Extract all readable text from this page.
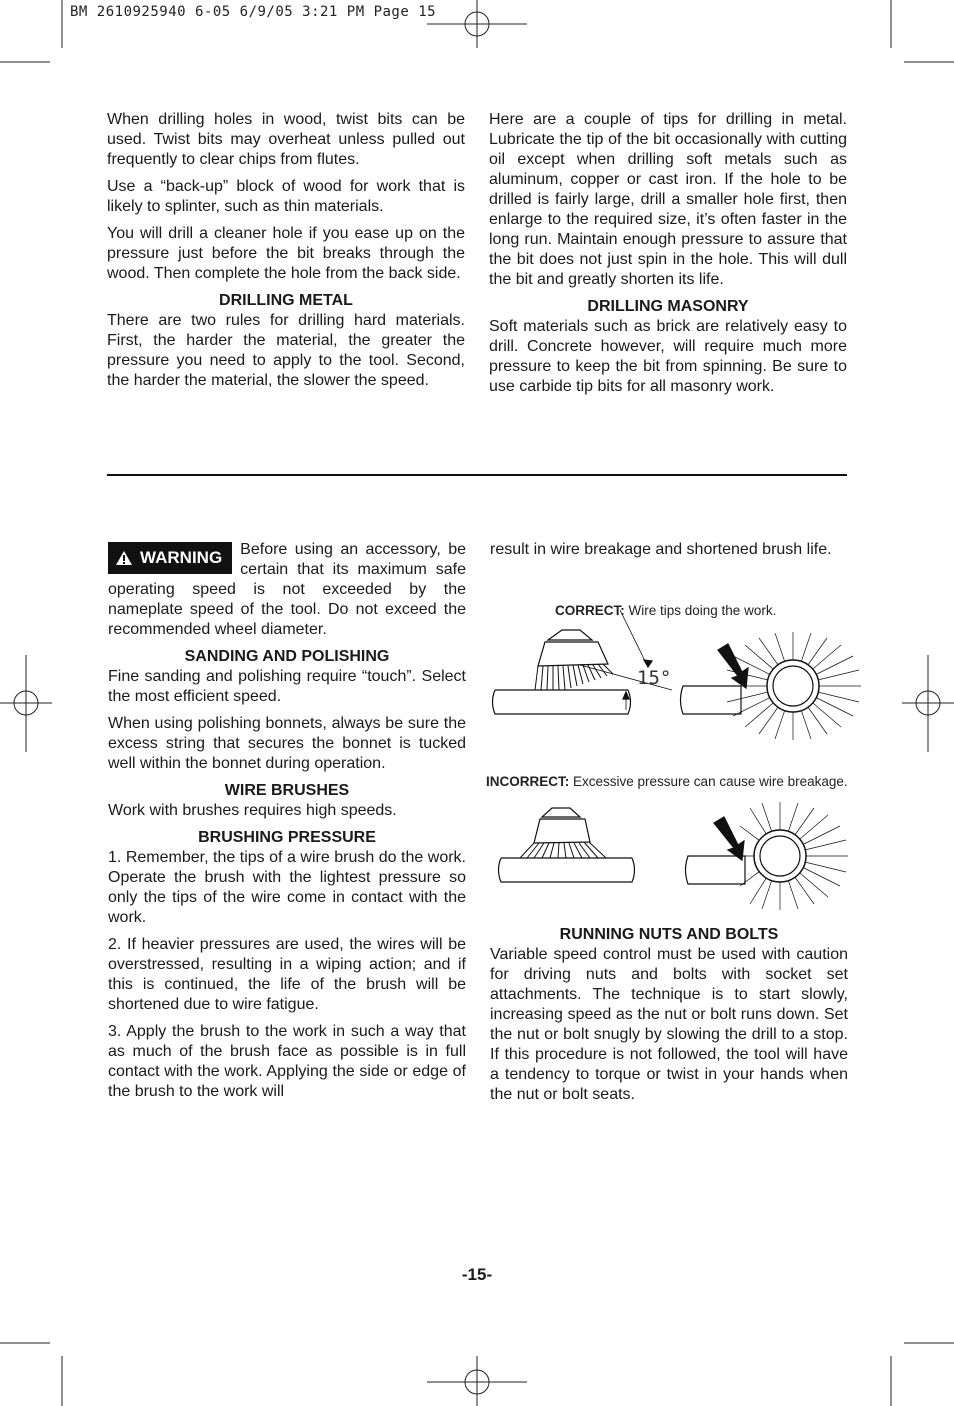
BM 2610925940 6-05 6/9/05 3:21 PM Page 15

When drilling holes in wood, twist bits can be used. Twist bits may overheat unless pulled out frequently to clear chips from flutes.

Use a “back-up” block of wood for work that is likely to splinter, such as thin materials.

You will drill a cleaner hole if you ease up on the pressure just before the bit breaks through the wood. Then complete the hole from the back side.

DRILLING METAL

There are two rules for drilling hard materials. First, the harder the material, the greater the pressure you need to apply to the tool. Second, the harder the material, the slower the speed.

Here are a couple of tips for drilling in metal. Lubricate the tip of the bit occasionally with cutting oil except when drilling soft metals such as aluminum, copper or cast iron. If the hole to be drilled is fairly large, drill a smaller hole first, then enlarge to the required size, it’s often faster in the long run. Maintain enough pressure to assure that the bit does not just spin in the hole. This will dull the bit and greatly shorten its life.

DRILLING MASONRY

Soft materials such as brick are relatively easy to drill. Concrete however, will require much more pressure to keep the bit from spinning. Be sure to use carbide tip bits for all masonry work.

WARNING Before using an accessory, be certain that its maximum safe operating speed is not exceeded by the nameplate speed of the tool. Do not exceed the recommended wheel diameter.

SANDING AND POLISHING

Fine sanding and polishing require “touch”. Select the most efficient speed.

When using polishing bonnets, always be sure the excess string that secures the bonnet is tucked well within the bonnet during operation.

WIRE BRUSHES

Work with brushes requires high speeds.

BRUSHING PRESSURE

1. Remember, the tips of a wire brush do the work. Operate the brush with the lightest pressure so only the tips of the wire come in contact with the work.

2. If heavier pressures are used, the wires will be overstressed, resulting in a wiping action; and if this is continued, the life of the brush will be shortened due to wire fatigue.

3. Apply the brush to the work in such a way that as much of the brush face as possible is in full contact with the work. Applying the side or edge of the brush to the work will

result in wire breakage and shortened brush life.

CORRECT: Wire tips doing the work.
15°
INCORRECT: Excessive pressure can cause wire breakage.
RUNNING NUTS AND BOLTS

Variable speed control must be used with caution for driving nuts and bolts with socket set attachments. The technique is to start slowly, increasing speed as the nut or bolt runs down. Set the nut or bolt snugly by slowing the drill to a stop. If this procedure is not followed, the tool will have a tendency to torque or twist in your hands when the nut or bolt seats.

-15-
